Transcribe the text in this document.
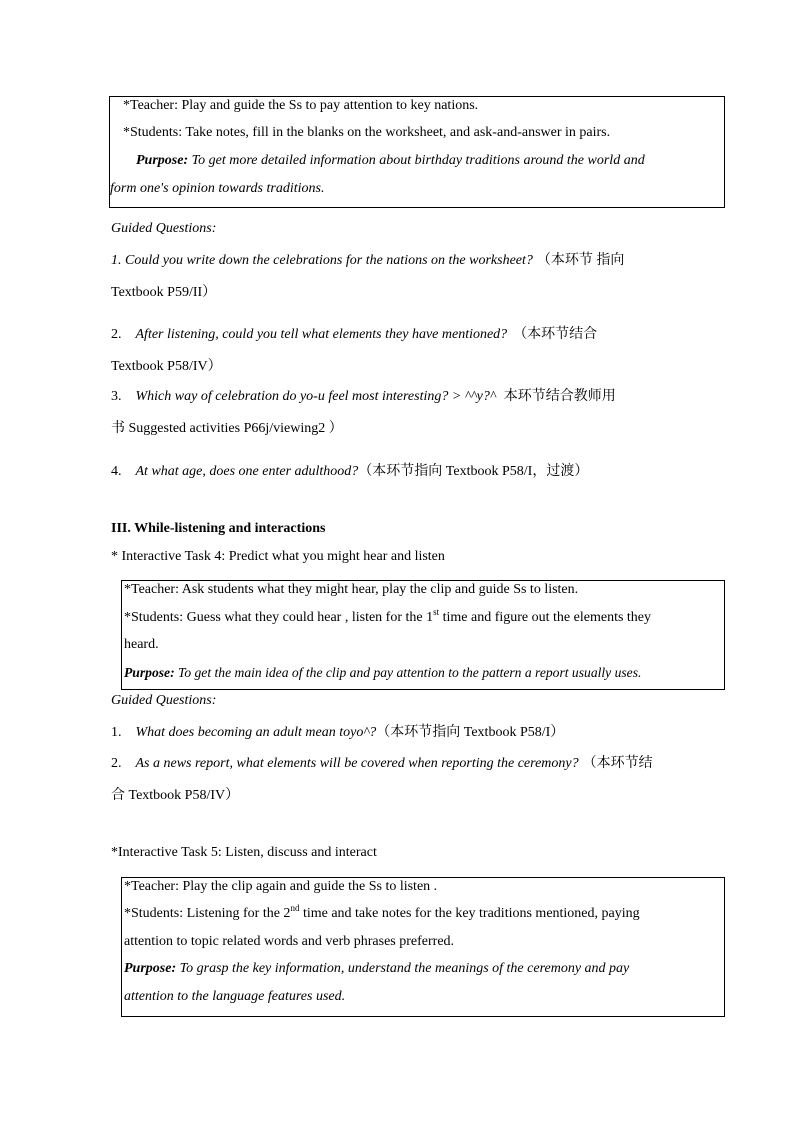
*Teacher: Play and guide the Ss to pay attention to key nations.
*Students: Take notes, fill in the blanks on the worksheet, and ask-and-answer in pairs.
Purpose: To get more detailed information about birthday traditions around the world and
form one's opinion towards traditions.
Guided Questions:
1. Could you write down the celebrations for the nations on the worksheet? （本环节 指向
Textbook P59/II）
2. After listening, could you tell what elements they have mentioned? （本环节结合
Textbook P58/IV）
3. Which way of celebration do yo-u feel most interesting? > ^^y?^ 本环节结合教师用
书 Suggested activities P66j/viewing2 ）
4. At what age, does one enter adulthood?（本环节指向 Textbook P58/I，过渡）
III. While-listening and interactions
* Interactive Task 4: Predict what you might hear and listen
*Teacher: Ask students what they might hear, play the clip and guide Ss to listen.
*Students: Guess what they could hear , listen for the 1st time and figure out the elements they
heard.
Purpose: To get the main idea of the clip and pay attention to the pattern a report usually uses.
Guided Questions:
1. What does becoming an adult mean toyo^?（本环节指向 Textbook P58/I）
2. As a news report, what elements will be covered when reporting the ceremony? （本环节结
合 Textbook P58/IV）
*Interactive Task 5: Listen, discuss and interact
*Teacher: Play the clip again and guide the Ss to listen .
*Students: Listening for the 2nd time and take notes for the key traditions mentioned, paying
attention to topic related words and verb phrases preferred.
Purpose: To grasp the key information, understand the meanings of the ceremony and pay
attention to the language features used.
